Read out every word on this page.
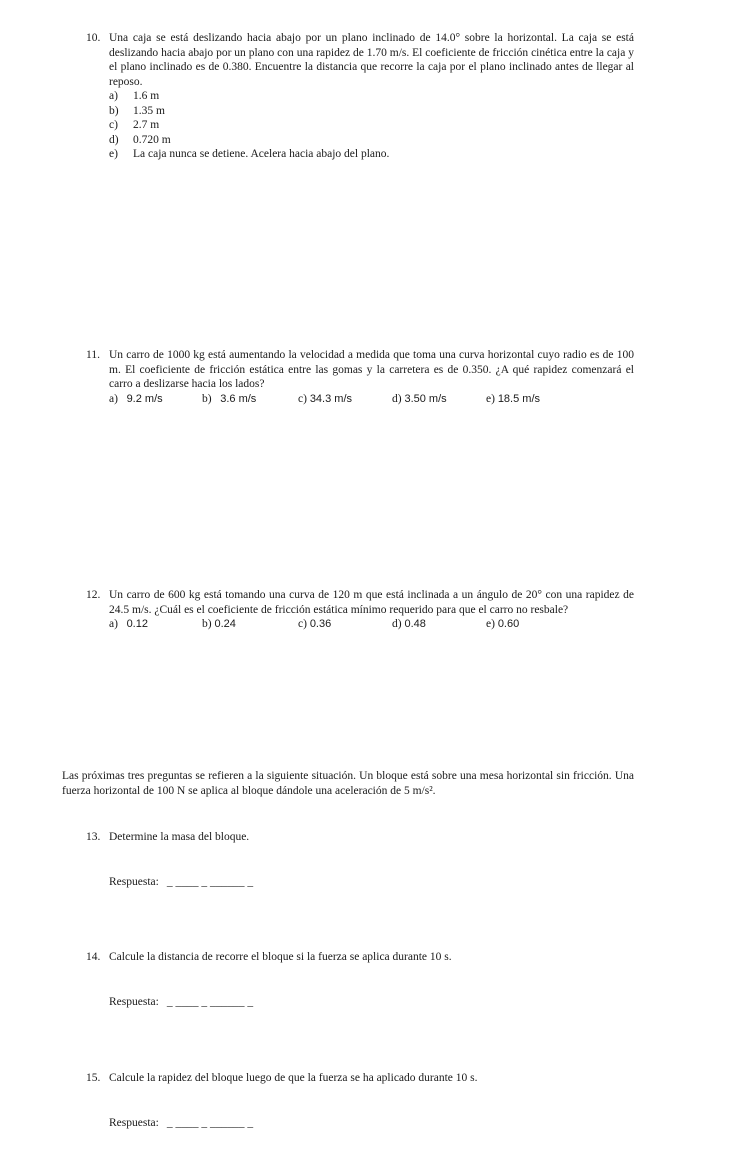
10. Una caja se está deslizando hacia abajo por un plano inclinado de 14.0° sobre la horizontal. La caja se está deslizando hacia abajo por un plano con una rapidez de 1.70 m/s. El coeficiente de fricción cinética entre la caja y el plano inclinado es de 0.380. Encuentre la distancia que recorre la caja por el plano inclinado antes de llegar al reposo.
a)	1.6 m
b)	1.35 m
c)	2.7 m
d)	0.720 m
e)	La caja nunca se detiene. Acelera hacia abajo del plano.
11. Un carro de 1000 kg está aumentando la velocidad a medida que toma una curva horizontal cuyo radio es de 100 m. El coeficiente de fricción estática entre las gomas y la carretera es de 0.350. ¿A qué rapidez comenzará el carro a deslizarse hacia los lados?
a) 9.2 m/s	b) 3.6 m/s	c) 34.3 m/s	d) 3.50 m/s	e) 18.5 m/s
12. Un carro de 600 kg está tomando una curva de 120 m que está inclinada a un ángulo de 20° con una rapidez de 24.5 m/s. ¿Cuál es el coeficiente de fricción estática mínimo requerido para que el carro no resbale?
a) 0.12	b) 0.24	c) 0.36	d) 0.48	e) 0.60
Las próximas tres preguntas se refieren a la siguiente situación. Un bloque está sobre una mesa horizontal sin fricción. Una fuerza horizontal de 100 N se aplica al bloque dándole una aceleración de 5 m/s².
13. Determine la masa del bloque.
Respuesta: _ ____ _ ______ _
14. Calcule la distancia de recorre el bloque si la fuerza se aplica durante 10 s.
Respuesta: _ ____ _ ______ _
15. Calcule la rapidez del bloque luego de que la fuerza se ha aplicado durante 10 s.
Respuesta: _ ____ _ ______ _
